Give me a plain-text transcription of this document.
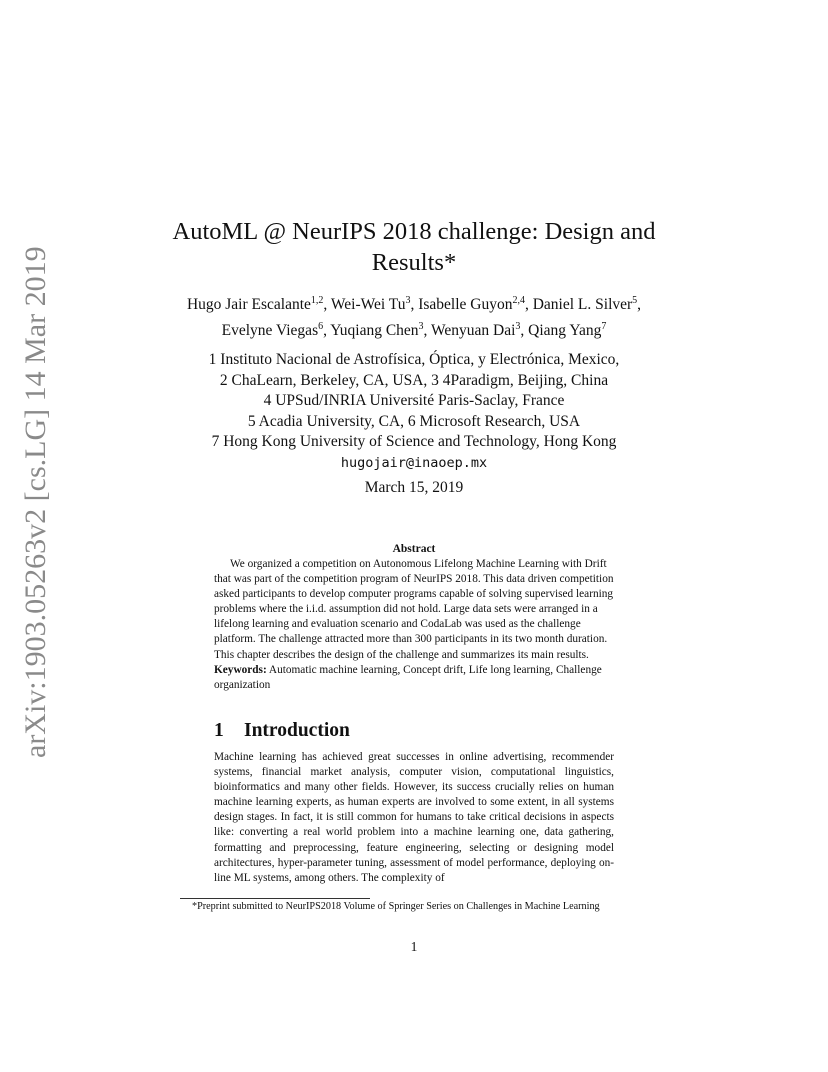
arXiv:1903.05263v2 [cs.LG] 14 Mar 2019
AutoML @ NeurIPS 2018 challenge: Design and Results*
Hugo Jair Escalante$^{1,2}$, Wei-Wei Tu$^3$, Isabelle Guyon$^{2,4}$, Daniel L. Silver$^5$,
Evelyne Viegas$^6$, Yuqiang Chen$^3$, Wenyuan Dai$^3$, Qiang Yang$^7$
1 Instituto Nacional de Astrofísica, Óptica, y Electrónica, Mexico,
2 ChaLearn, Berkeley, CA, USA, 3 4Paradigm, Beijing, China
4 UPSud/INRIA Université Paris-Saclay, France
5 Acadia University, CA, 6 Microsoft Research, USA
7 Hong Kong University of Science and Technology, Hong Kong
hugojair@inaoep.mx
March 15, 2019
Abstract
We organized a competition on Autonomous Lifelong Machine Learning with Drift that was part of the competition program of NeurIPS 2018. This data driven competition asked participants to develop computer programs capable of solving supervised learning problems where the i.i.d. assumption did not hold. Large data sets were arranged in a lifelong learning and evaluation scenario and CodaLab was used as the challenge platform. The challenge attracted more than 300 participants in its two month duration. This chapter describes the design of the challenge and summarizes its main results. Keywords: Automatic machine learning, Concept drift, Life long learning, Challenge organization
1 Introduction
Machine learning has achieved great successes in online advertising, recommender systems, financial market analysis, computer vision, computational linguistics, bioinformatics and many other fields. However, its success crucially relies on human machine learning experts, as human experts are involved to some extent, in all systems design stages. In fact, it is still common for humans to take critical decisions in aspects like: converting a real world problem into a machine learning one, data gathering, formatting and preprocessing, feature engineering, selecting or designing model architectures, hyper-parameter tuning, assessment of model performance, deploying on-line ML systems, among others. The complexity of
*Preprint submitted to NeurIPS2018 Volume of Springer Series on Challenges in Machine Learning
1
